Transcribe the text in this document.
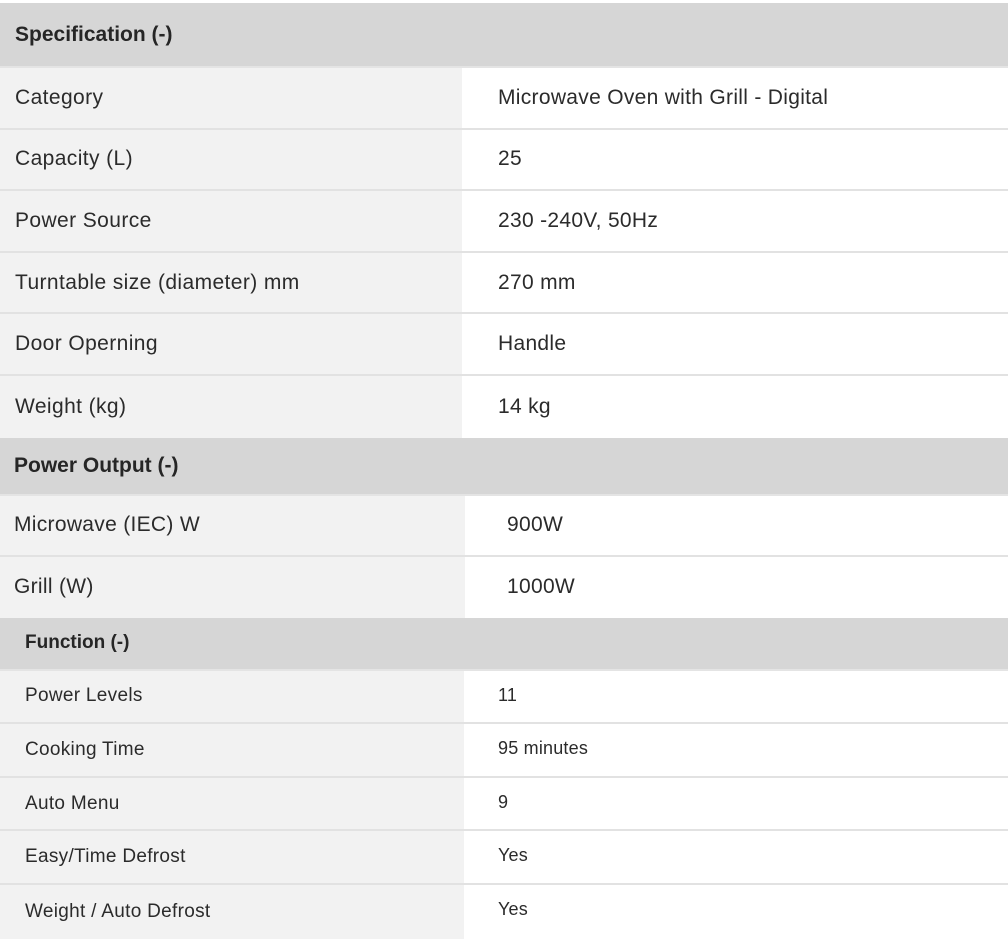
Specification (-)
Category	Microwave Oven with Grill - Digital
Capacity (L)	25
Power Source	230 -240V, 50Hz
Turntable size (diameter) mm	270 mm
Door Operning	Handle
Weight (kg)	14 kg
Power Output (-)
Microwave (IEC) W	900W
Grill (W)	1000W
Function (-)
Power Levels	11
Cooking Time	95 minutes
Auto Menu	9
Easy/Time Defrost	Yes
Weight / Auto Defrost	Yes
